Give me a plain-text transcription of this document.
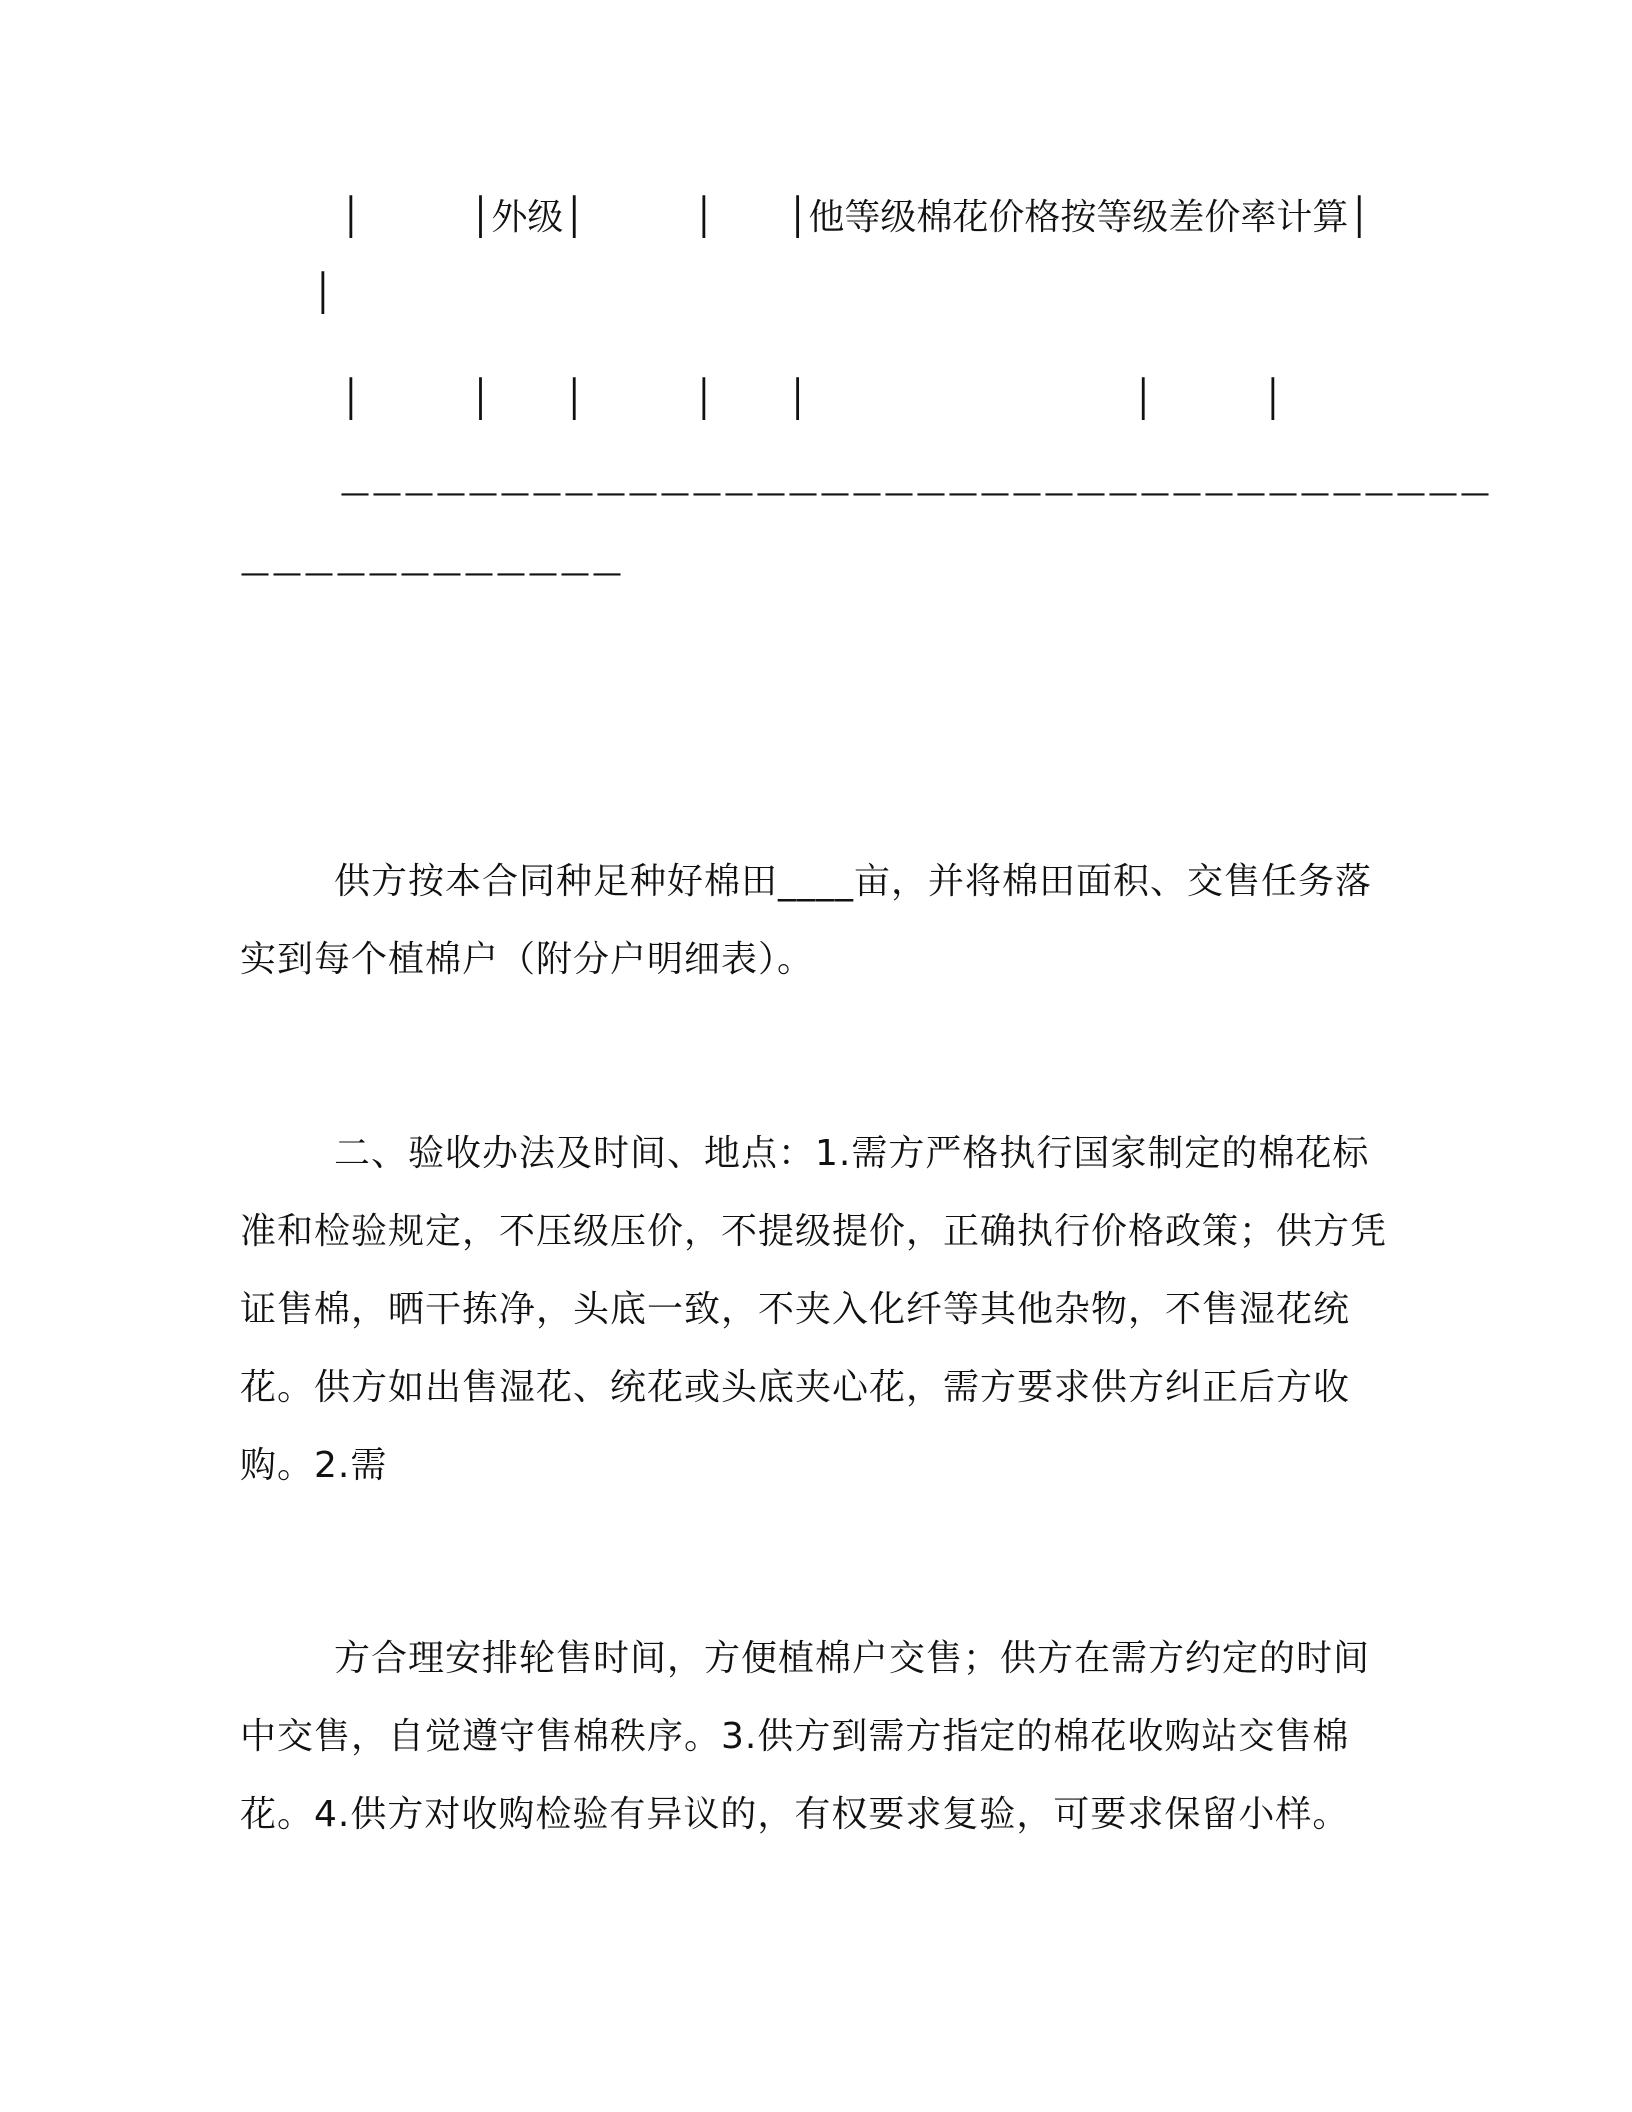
│　　　│外级│　　　│　　│他等级棉花价格按等级差价率计算│
│
│　　　│　　│　　　│　　│　　　　　　　　　│　　　│
————————————————————————————————————
————————————

供方按本合同种足种好棉田____亩，并将棉田面积、交售任务落实到每个植棉户（附分户明细表）。

二、验收办法及时间、地点：1.需方严格执行国家制定的棉花标准和检验规定，不压级压价，不提级提价，正确执行价格政策；供方凭证售棉，晒干拣净，头底一致，不夹入化纤等其他杂物，不售湿花统花。供方如出售湿花、统花或头底夹心花，需方要求供方纠正后方收购。2.需

方合理安排轮售时间，方便植棉户交售；供方在需方约定的时间中交售，自觉遵守售棉秩序。3.供方到需方指定的棉花收购站交售棉花。4.供方对收购检验有异议的，有权要求复验，可要求保留小样。
